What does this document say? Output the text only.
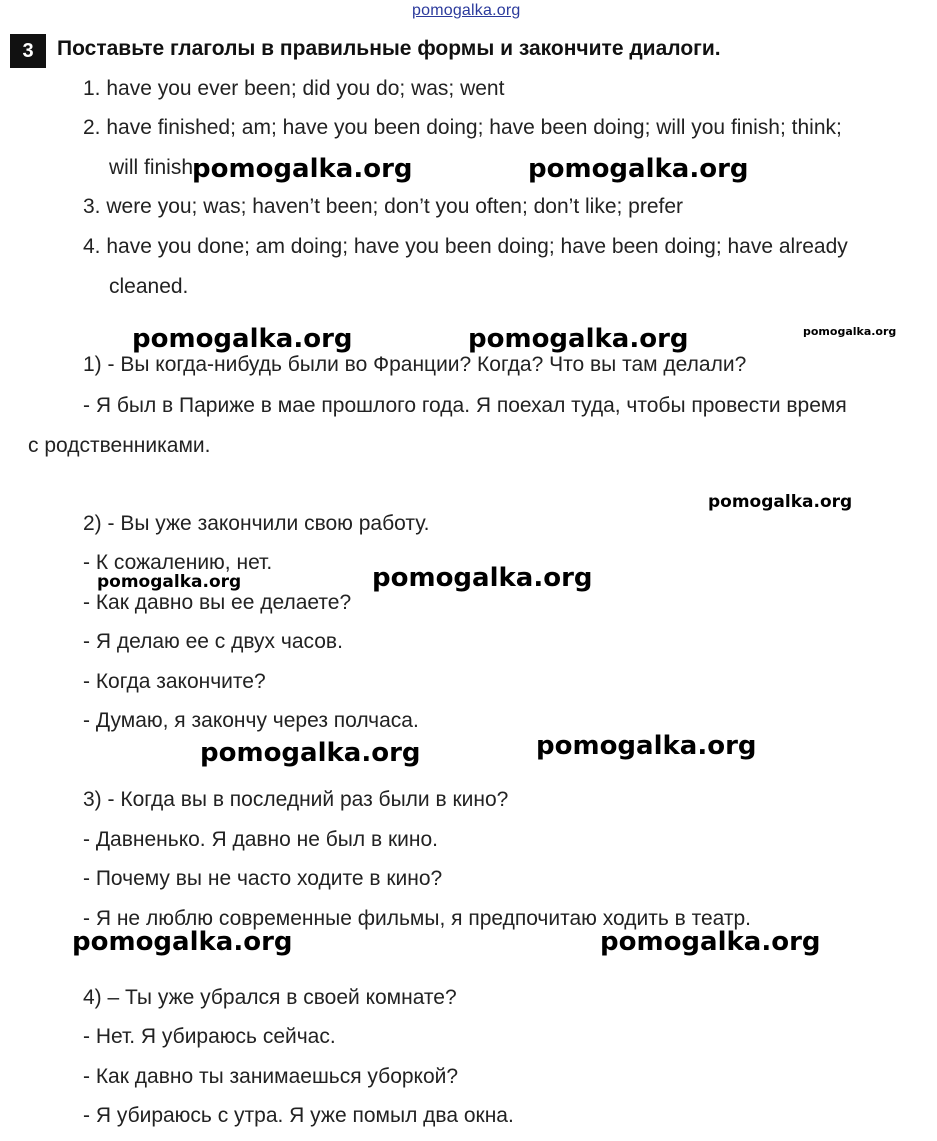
pomogalka.org
3	Поставьте глаголы в правильные формы и закончите диалоги.
1. have you ever been; did you do; was; went
2. have finished; am; have you been doing; have been doing; will you finish; think;
will finish
3. were you; was; haven’t been; don’t you often; don’t like; prefer
4. have you done; am doing; have you been doing; have been doing; have already
cleaned.
1) - Вы когда-нибудь были во Франции? Когда? Что вы там делали?
- Я был в Париже в мае прошлого года. Я поехал туда, чтобы провести время
с родственниками.
2) - Вы уже закончили свою работу.
- К сожалению, нет.
- Как давно вы ее делаете?
- Я делаю ее с двух часов.
- Когда закончите?
- Думаю, я закончу через полчаса.
3) - Когда вы в последний раз были в кино?
- Давненько. Я давно не был в кино.
- Почему вы не часто ходите в кино?
- Я не люблю современные фильмы, я предпочитаю ходить в театр.
4) – Ты уже убрался в своей комнате?
- Нет. Я убираюсь сейчас.
- Как давно ты занимаешься уборкой?
- Я убираюсь с утра. Я уже помыл два окна.
pomogalka.org	pomogalka.org
pomogalka.org	pomogalka.org	pomogalka.org
pomogalka.org
pomogalka.org	pomogalka.org
pomogalka.org	pomogalka.org
pomogalka.org	pomogalka.org
